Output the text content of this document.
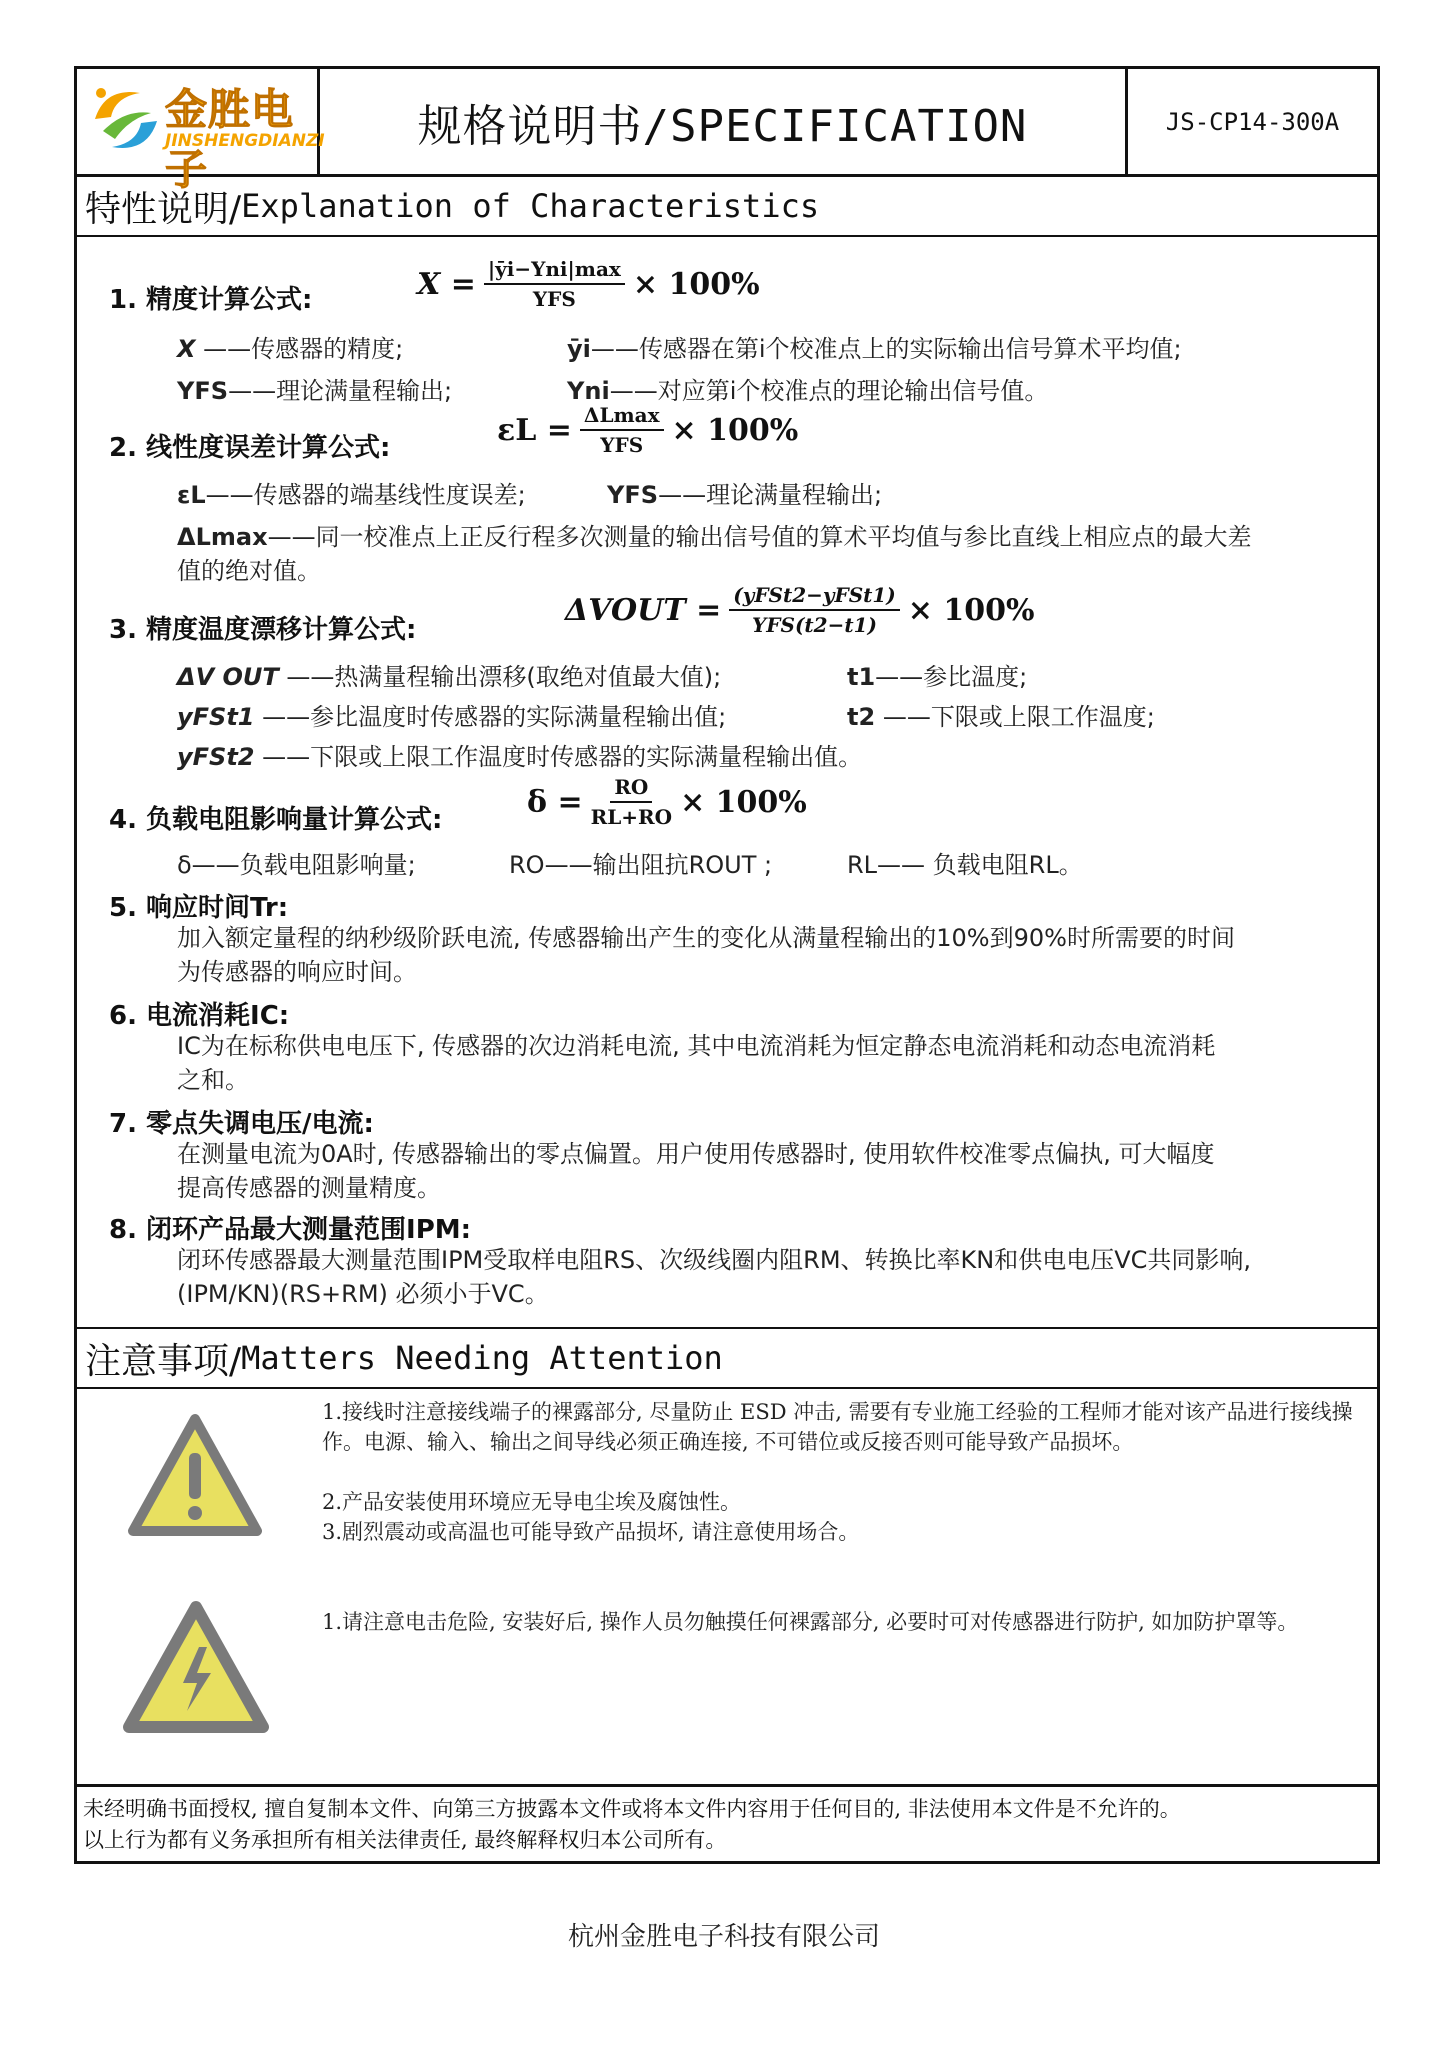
金胜电子
JINSHENGDIANZI 规格说明书/SPECIFICATION	JS-CP14-300A
特性说明/ Explanation of Characteristics
1. 精度计算公式:	$X = \frac{\text{|ȳi−Yni|max}}{\text{YFS}} \times 100\%$
X ——传感器的精度;	ȳi——传感器在第i个校准点上的实际输出信号算术平均值;
YFS——理论满量程输出;	Yni——对应第i个校准点的理论输出信号值。
2. 线性度误差计算公式:
$\varepsilon L = \frac{\Delta Lmax}{\text{YFS}} \times 100\%$
εL——传感器的端基线性度误差;	YFS——理论满量程输出;
ΔLmax——同一校准点上正反行程多次测量的输出信号值的算术平均值与参比直线上相应点的最大差
值的绝对值。
3. 精度温度漂移计算公式:
ΔVOUT = $\frac{\text{(yFSt2−yFSt1)}}{\text{YFS(t2−t1)}} \times 100\%$
ΔV OUT ——热满量程输出漂移(取绝对值最大值);	t1——参比温度;
yFSt1 ——参比温度时传感器的实际满量程输出值;	t2 ——下限或上限工作温度;
yFSt2 ——下限或上限工作温度时传感器的实际满量程输出值。
4. 负载电阻影响量计算公式:
$\delta = \frac{RO}{RL+RO} \times 100\%$
δ——负载电阻影响量;	RO——输出阻抗ROUT ;	RL—— 负载电阻RL。
5. 响应时间Tr:
加入额定量程的纳秒级阶跃电流, 传感器输出产生的变化从满量程输出的10%到90%时所需要的时间
为传感器的响应时间。
6. 电流消耗IC:
IC为在标称供电电压下, 传感器的次边消耗电流, 其中电流消耗为恒定静态电流消耗和动态电流消耗
之和。
7. 零点失调电压/电流:
在测量电流为0A时, 传感器输出的零点偏置。用户使用传感器时, 使用软件校准零点偏执, 可大幅度
提高传感器的测量精度。
8. 闭环产品最大测量范围IPM:
闭环传感器最大测量范围IPM受取样电阻RS、次级线圈内阻RM、转换比率KN和供电电压VC共同影响,
(IPM/KN)(RS+RM) 必须小于VC。
注意事项/ Matters Needing Attention
1.接线时注意接线端子的裸露部分, 尽量防止 ESD 冲击, 需要有专业施工经验的工程师才能对该产品进行接线操作。电源、输入、输出之间导线必须正确连接, 不可错位或反接否则可能导致产品损坏。
2.产品安装使用环境应无导电尘埃及腐蚀性。
3.剧烈震动或高温也可能导致产品损坏, 请注意使用场合。
1.请注意电击危险, 安装好后, 操作人员勿触摸任何裸露部分, 必要时可对传感器进行防护, 如加防护罩等。
未经明确书面授权, 擅自复制本文件、向第三方披露本文件或将本文件内容用于任何目的, 非法使用本文件是不允许的。
以上行为都有义务承担所有相关法律责任, 最终解释权归本公司所有。
杭州金胜电子科技有限公司
